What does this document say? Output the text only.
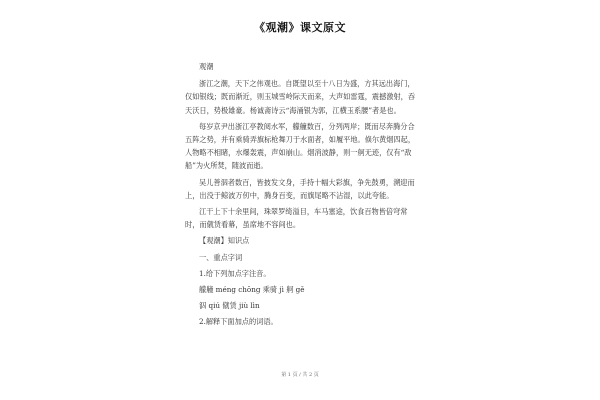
《观潮》课文原文

观潮

浙江之潮，天下之伟观也。自既望以至十八日为盛，方其远出海门，仅如银线；既而渐近，则玉城雪岭际天而来，大声如雷霆，震撼激射，吞天沃日，势极雄豪。杨诚斋诗云“海涌银为郭，江横玉系腰”者是也。

每岁京尹出浙江亭教阅水军，艨艟数百，分列两岸；既而尽奔腾分合五阵之势，并有乘骑弄旗标枪舞刀于水面者，如履平地。倏尔黄烟四起，人物略不相睹，水爆轰震，声如崩山。烟消波静，则一舸无迹，仅有“敌船”为火所焚，随波而逝。

吴儿善泅者数百，皆披发文身，手持十幅大彩旗，争先鼓勇，溯迎而上，出没于鲸波万仞中，腾身百变，而旗尾略不沾湿，以此夸能。

江干上下十余里间，珠翠罗绮溢目，车马塞途，饮食百物皆倍穹常时，而僦赁看幕，虽席地不容间也。

【观潮】知识点

一、重点字词

1.给下列加点字注音。

艨艟 méng chōng 乘骑 jì 舸 gě

泅 qiú 僦赁 jiù lìn

2.解释下面加点的词语。

第 1 页 / 共 2 页
